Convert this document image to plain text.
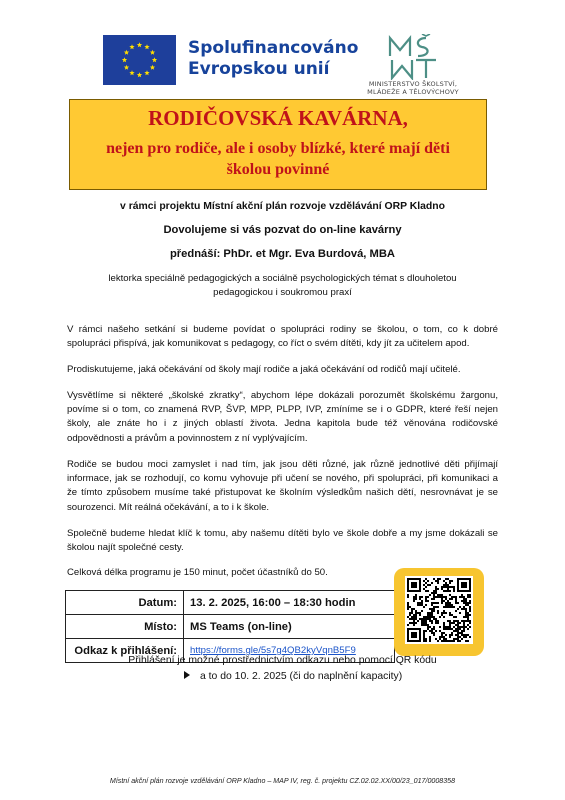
Spolufinancováno
Evropskou unií
MINISTERSTVO ŠKOLSTVÍ,
MLÁDEŽE A TĚLOVÝCHOVY
RODIČOVSKÁ KAVÁRNA,
nejen pro rodiče, ale i osoby blízké, které mají děti
školou povinné
v rámci projektu Místní akční plán rozvoje vzdělávání ORP Kladno
Dovolujeme si vás pozvat do on-line kavárny
přednáší: PhDr. et Mgr. Eva Burdová, MBA
lektorka speciálně pedagogických a sociálně psychologických témat s dlouholetou
pedagogickou i soukromou praxí
V rámci našeho setkání si budeme povídat o spolupráci rodiny se školou, o tom, co k dobré spolupráci přispívá, jak komunikovat s pedagogy, co říct o svém dítěti, kdy jít za učitelem apod.
Prodiskutujeme, jaká očekávání od školy mají rodiče a jaká očekávání od rodičů mají učitelé.
Vysvětlíme si některé „školské zkratky“, abychom lépe dokázali porozumět školskému žargonu, povíme si o tom, co znamená RVP, ŠVP, MPP, PLPP, IVP, zmíníme se i o GDPR, které řeší nejen školy, ale znáte ho i z jiných oblastí života. Jedna kapitola bude též věnována rodičovské odpovědnosti a právům a povinnostem z ní vyplývajícím.
Rodiče se budou moci zamyslet i nad tím, jak jsou děti různé, jak různě jednotlivé děti přijímají informace, jak se rozhodují, co komu vyhovuje při učení se nového, při spolupráci, při komunikaci a že tímto způsobem musíme také přistupovat ke školním výsledkům našich dětí, nesrovnávat je se sourozenci. Mít reálná očekávání, a to i k škole.
Společně budeme hledat klíč k tomu, aby našemu dítěti bylo ve škole dobře a my jsme dokázali se školou najít společné cesty.
Celková délka programu je 150 minut, počet účastníků do 50.
Datum:	13. 2. 2025, 16:00 – 18:30 hodin
Místo:	MS Teams (on-line)
Odkaz k přihlášení:	https://forms.gle/5s7g4QB2kyVqnB5F9
Přihlášení je možné prostřednictvím odkazu nebo pomocí QR kódu
a to do 10. 2. 2025 (či do naplnění kapacity)
Místní akční plán rozvoje vzdělávání ORP Kladno – MAP IV, reg. č. projektu CZ.02.02.XX/00/23_017/0008358
